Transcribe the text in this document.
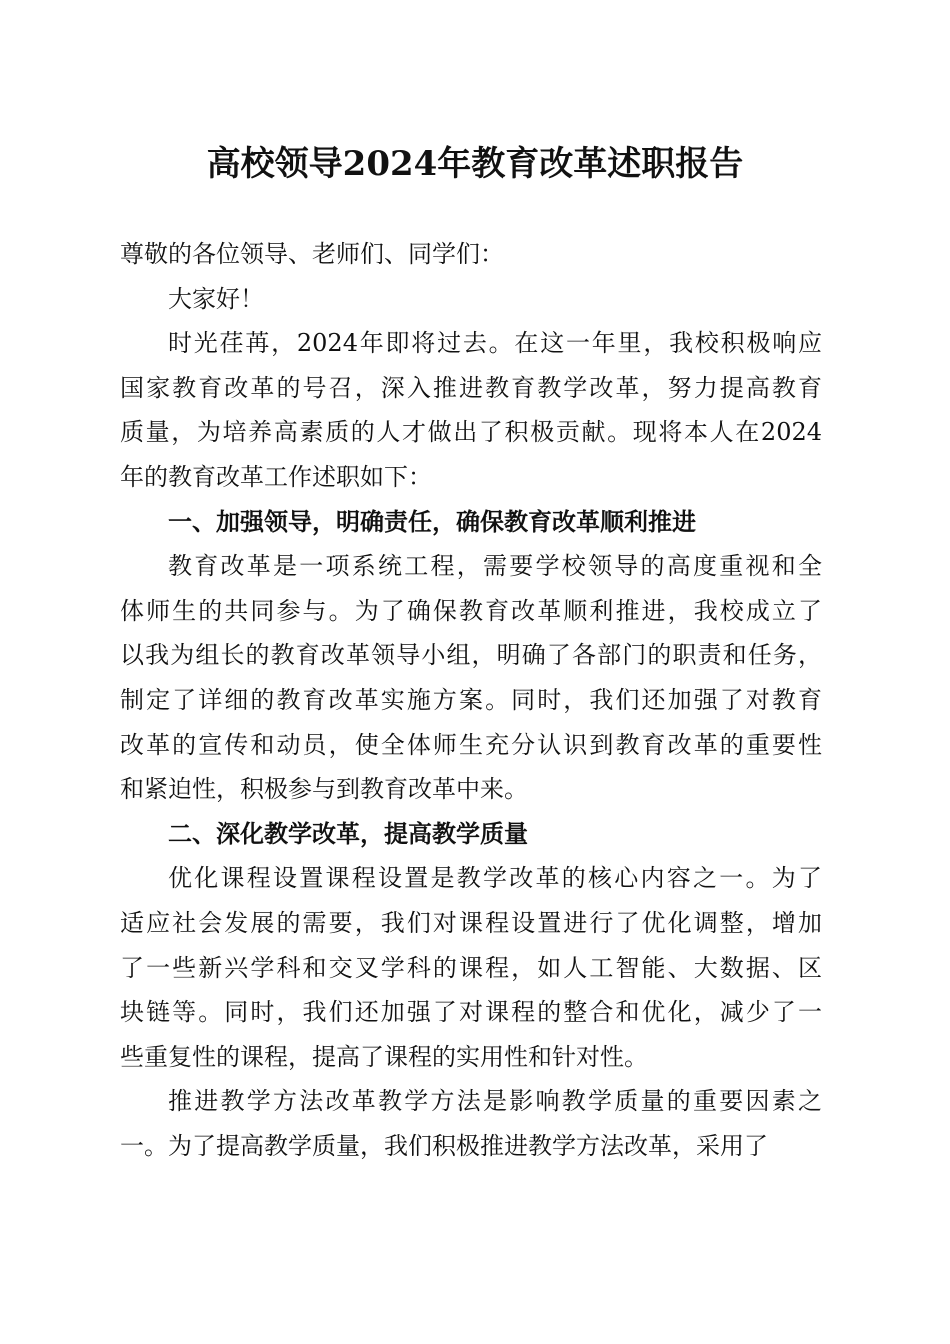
高校领导2024年教育改革述职报告
尊敬的各位领导、老师们、同学们：
大家好！
时光荏苒，2024年即将过去。在这一年里，我校积极响应
国家教育改革的号召，深入推进教育教学改革，努力提高教育
质量，为培养高素质的人才做出了积极贡献。现将本人在2024
年的教育改革工作述职如下：
一、加强领导，明确责任，确保教育改革顺利推进
教育改革是一项系统工程，需要学校领导的高度重视和全
体师生的共同参与。为了确保教育改革顺利推进，我校成立了
以我为组长的教育改革领导小组，明确了各部门的职责和任务，
制定了详细的教育改革实施方案。同时，我们还加强了对教育
改革的宣传和动员，使全体师生充分认识到教育改革的重要性
和紧迫性，积极参与到教育改革中来。
二、深化教学改革，提高教学质量
优化课程设置课程设置是教学改革的核心内容之一。为了
适应社会发展的需要，我们对课程设置进行了优化调整，增加
了一些新兴学科和交叉学科的课程，如人工智能、大数据、区
块链等。同时，我们还加强了对课程的整合和优化，减少了一
些重复性的课程，提高了课程的实用性和针对性。
推进教学方法改革教学方法是影响教学质量的重要因素之
一。为了提高教学质量，我们积极推进教学方法改革，采用了
